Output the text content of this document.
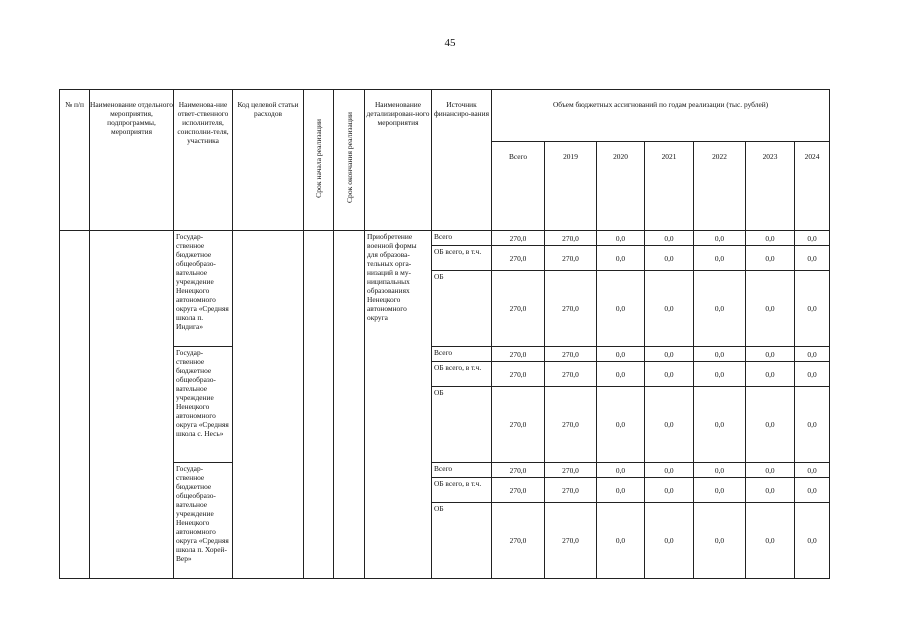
45
№ п/п	Наименование отдельного мероприятия, подпрограммы, мероприятия	Наименова-ние ответ-ственного исполнителя, соисполни-теля, участника	Код целевой статьи расходов	Срок начала реализации	Срок окончания реализации	Наименование детализирован-ного мероприятия	Источник финансиро-вания	Объем бюджетных ассигнований по годам реализации (тыс. рублей)						
								Всего	2019	2020	2021	2022	2023	2024
		Государ-ственное бюджетное общеобразо-вательное учреждение Ненецкого автономного округа «Средняя школа п. Индига»				Приобретение военной формы для образова-тельных орга-низаций в му-ниципальных образованиях Ненецкого автономного округа	Всего	270,0	270,0	0,0	0,0	0,0	0,0	0,0
							ОБ всего, в т.ч.	270,0	270,0	0,0	0,0	0,0	0,0	0,0
							ОБ	270,0	270,0	0,0	0,0	0,0	0,0	0,0
		Государ-ственное бюджетное общеобразо-вательное учреждение Ненецкого автономного округа «Средняя школа с. Несь»					Всего	270,0	270,0	0,0	0,0	0,0	0,0	0,0
							ОБ всего, в т.ч.	270,0	270,0	0,0	0,0	0,0	0,0	0,0
							ОБ	270,0	270,0	0,0	0,0	0,0	0,0	0,0
		Государ-ственное бюджетное общеобразо-вательное учреждение Ненецкого автономного округа «Средняя школа п. Хорей-Вер»					Всего	270,0	270,0	0,0	0,0	0,0	0,0	0,0
							ОБ всего, в т.ч.	270,0	270,0	0,0	0,0	0,0	0,0	0,0
							ОБ	270,0	270,0	0,0	0,0	0,0	0,0	0,0
